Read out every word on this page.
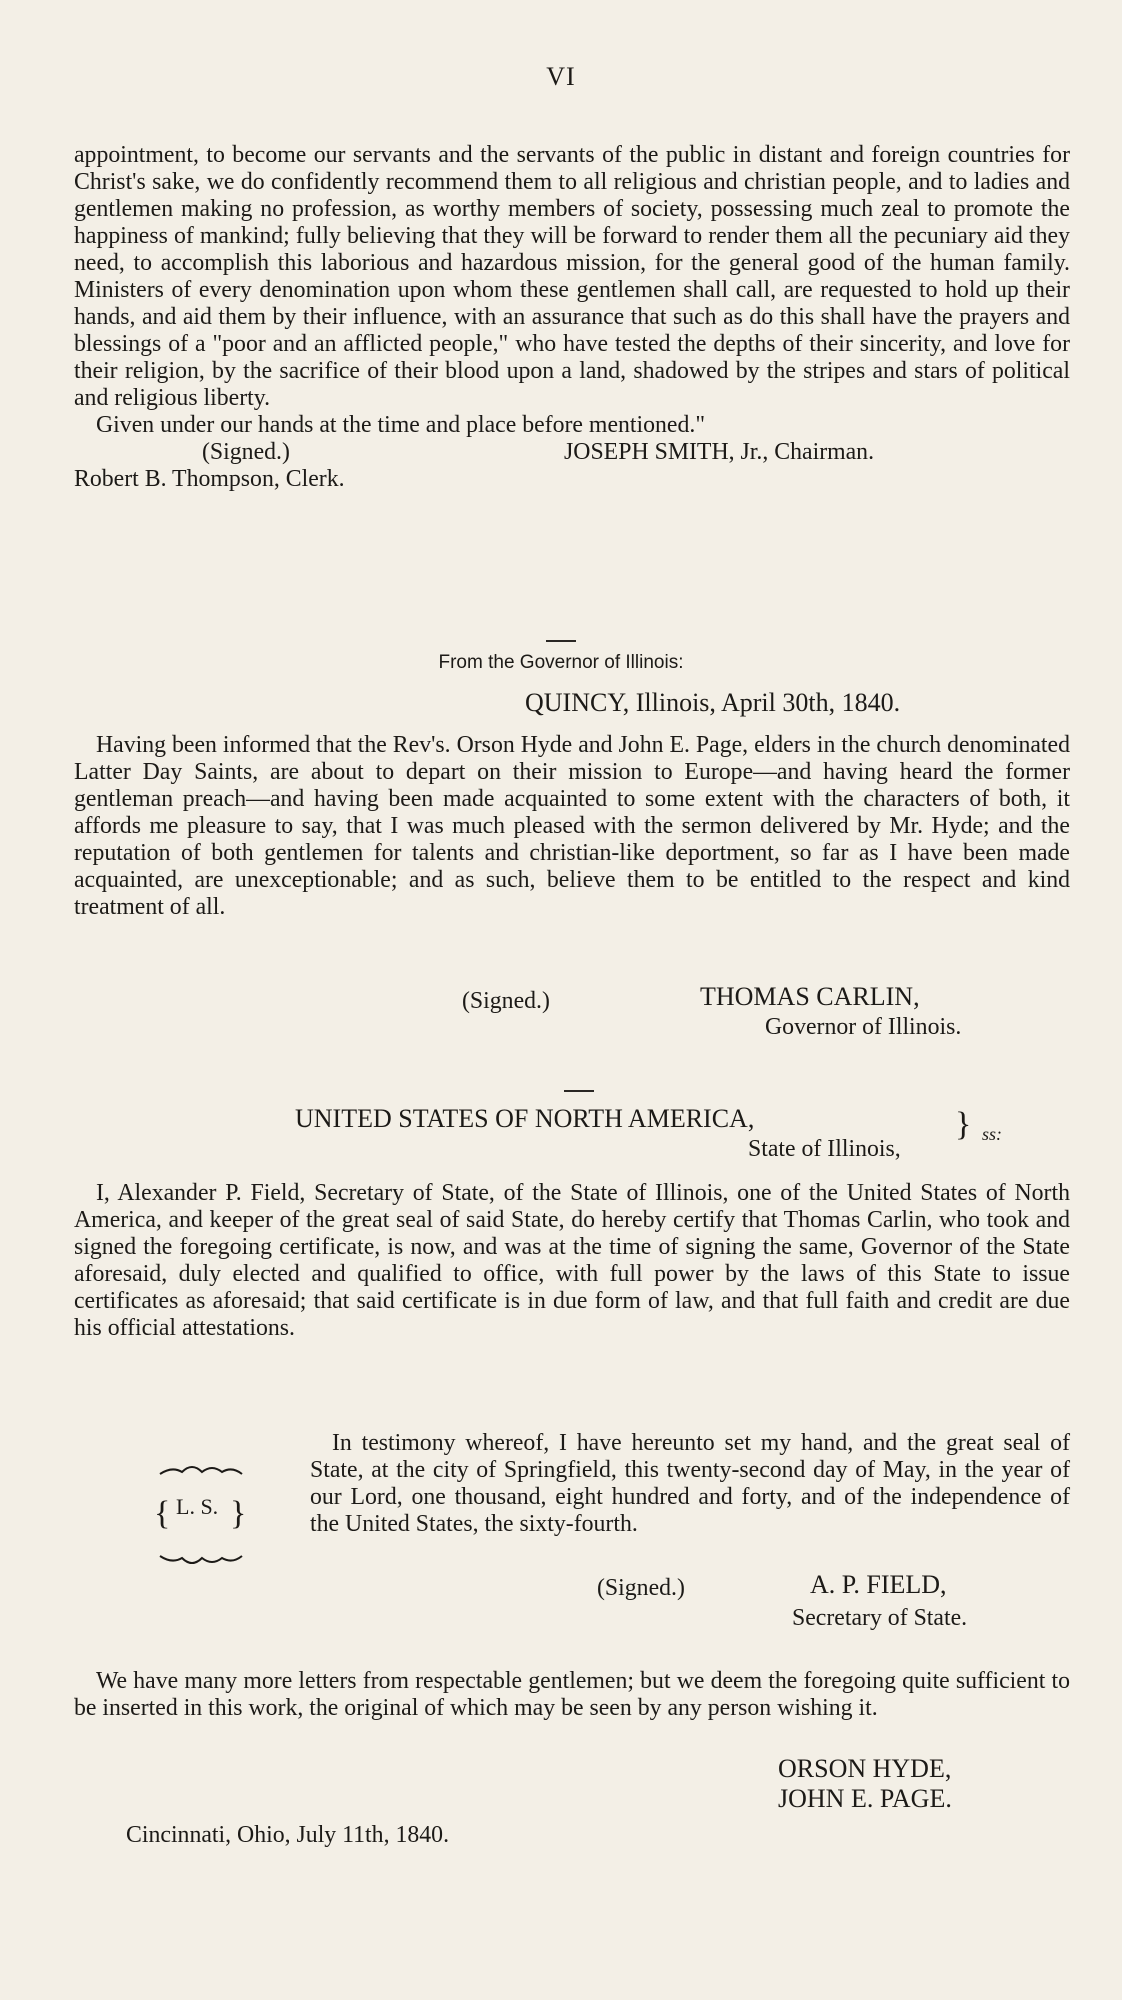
VI

appointment, to become our servants and the servants of the public in distant and foreign countries for Christ's sake, we do confidently recommend them to all religious and christian people, and to ladies and gentlemen making no profession, as worthy members of society, possessing much zeal to promote the happiness of mankind; fully believing that they will be forward to render them all the pecuniary aid they need, to accomplish this laborious and hazardous mission, for the general good of the human family. Ministers of every denomination upon whom these gentlemen shall call, are requested to hold up their hands, and aid them by their influence, with an assurance that such as do this shall have the prayers and blessings of a "poor and an afflicted people," who have tested the depths of their sincerity, and love for their religion, by the sacrifice of their blood upon a land, shadowed by the stripes and stars of political and religious liberty.

Given under our hands at the time and place before mentioned."

(Signed.)	JOSEPH SMITH, Jr., Chairman.
Robert B. Thompson, Clerk.
From the Governor of Illinois:
QUINCY, Illinois, April 30th, 1840.

Having been informed that the Rev's. Orson Hyde and John E. Page, elders in the church denominated Latter Day Saints, are about to depart on their mission to Europe—and having heard the former gentleman preach—and having been made acquainted to some extent with the characters of both, it affords me pleasure to say, that I was much pleased with the sermon delivered by Mr. Hyde; and the reputation of both gentlemen for talents and christian-like deportment, so far as I have been made acquainted, are unexceptionable; and as such, believe them to be entitled to the respect and kind treatment of all.

(Signed.)	THOMAS CARLIN,
Governor of Illinois.
UNITED STATES OF NORTH AMERICA,
State of Illinois,
} ss:

I, Alexander P. Field, Secretary of State, of the State of Illinois, one of the United States of North America, and keeper of the great seal of said State, do hereby certify that Thomas Carlin, who took and signed the foregoing certificate, is now, and was at the time of signing the same, Governor of the State aforesaid, duly elected and qualified to office, with full power by the laws of this State to issue certificates as aforesaid; that said certificate is in due form of law, and that full faith and credit are due his official attestations.

In testimony whereof, I have hereunto set my hand, and the great seal of State, at the city of Springfield, this twenty-second day of May, in the year of our Lord, one thousand, eight hundred and forty, and of the independence of the United States, the sixty-fourth.

{ }
L. S.
(Signed.)	A. P. FIELD,
Secretary of State.

We have many more letters from respectable gentlemen; but we deem the foregoing quite sufficient to be inserted in this work, the original of which may be seen by any person wishing it.

ORSON HYDE,
JOHN E. PAGE.
Cincinnati, Ohio, July 11th, 1840.
